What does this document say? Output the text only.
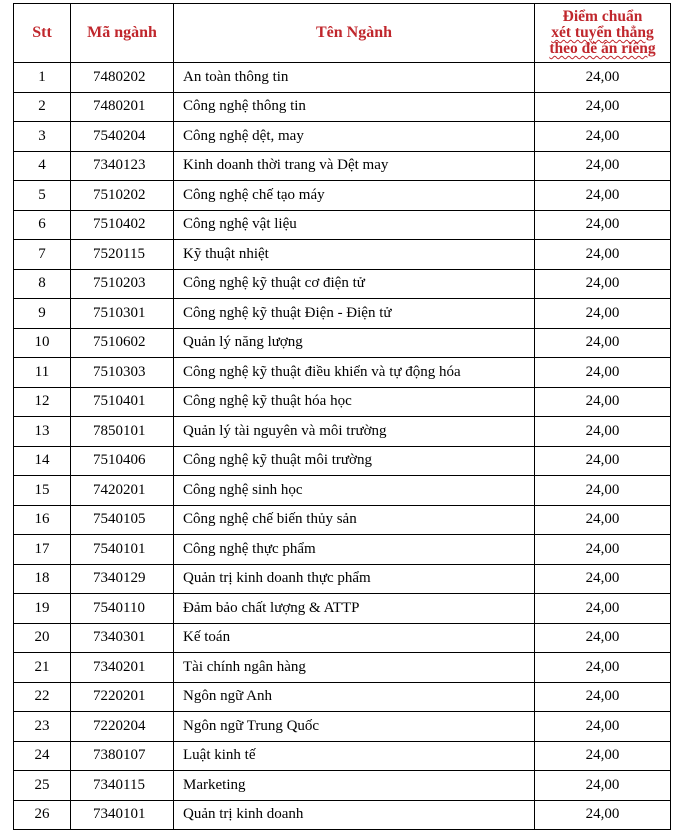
Stt	Mã ngành	Tên Ngành	Điểm chuẩn
xét tuyển thẳng
theo đề án riêng

1	7480202	An toàn thông tin	24,00
2	7480201	Công nghệ thông tin	24,00
3	7540204	Công nghệ dệt, may	24,00
4	7340123	Kinh doanh thời trang và Dệt may	24,00
5	7510202	Công nghệ chế tạo máy	24,00
6	7510402	Công nghệ vật liệu	24,00
7	7520115	Kỹ thuật nhiệt	24,00
8	7510203	Công nghệ kỹ thuật cơ điện tử	24,00
9	7510301	Công nghệ kỹ thuật Điện - Điện tử	24,00
10	7510602	Quản lý năng lượng	24,00
11	7510303	Công nghệ kỹ thuật điều khiển và tự động hóa	24,00
12	7510401	Công nghệ kỹ thuật hóa học	24,00
13	7850101	Quản lý tài nguyên và môi trường	24,00
14	7510406	Công nghệ kỹ thuật môi trường	24,00
15	7420201	Công nghệ sinh học	24,00
16	7540105	Công nghệ chế biến thủy sản	24,00
17	7540101	Công nghệ thực phẩm	24,00
18	7340129	Quản trị kinh doanh thực phẩm	24,00
19	7540110	Đảm bảo chất lượng & ATTP	24,00
20	7340301	Kế toán	24,00
21	7340201	Tài chính ngân hàng	24,00
22	7220201	Ngôn ngữ Anh	24,00
23	7220204	Ngôn ngữ Trung Quốc	24,00
24	7380107	Luật kinh tế	24,00
25	7340115	Marketing	24,00
26	7340101	Quản trị kinh doanh	24,00
